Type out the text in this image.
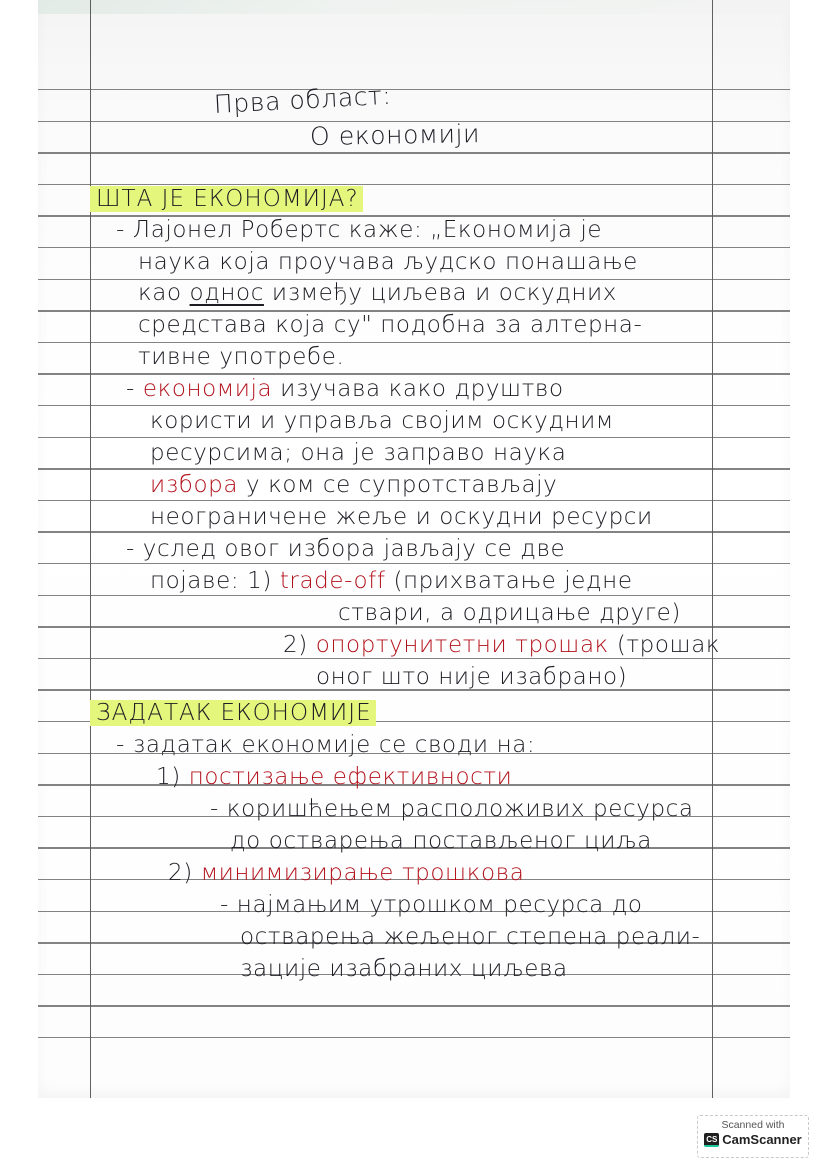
Прва област:
О економији
ШТА ЈЕ ЕКОНОМИЈА?
- Лајонел Робертс каже: „Економија је
наука која проучава људско понашање
као однос између циљева и оскудних
средстава која су" подобна за алтерна-
тивне употребе.
- економија изучава како друштво
користи и управља својим оскудним
ресурсима; она је заправо наука
избора у ком се супротстављају
неограничене жеље и оскудни ресурси
- услед овог избора јављају се две
појаве: 1) trade-off (прихватање једне
ствари, а одрицање друге)
2) опортунитетни трошак (трошак
оног што није изабрано)
ЗАДАТАК ЕКОНОМИЈЕ
- задатак економије се своди на:
1) постизање ефективности
- коришћењем расположивих ресурса
до остварења постављеног циља
2) минимизирање трошкова
- најмањим утрошком ресурса до
остварења жељеног степена реали-
зације изабраних циљева
Scanned with
CS CamScanner
